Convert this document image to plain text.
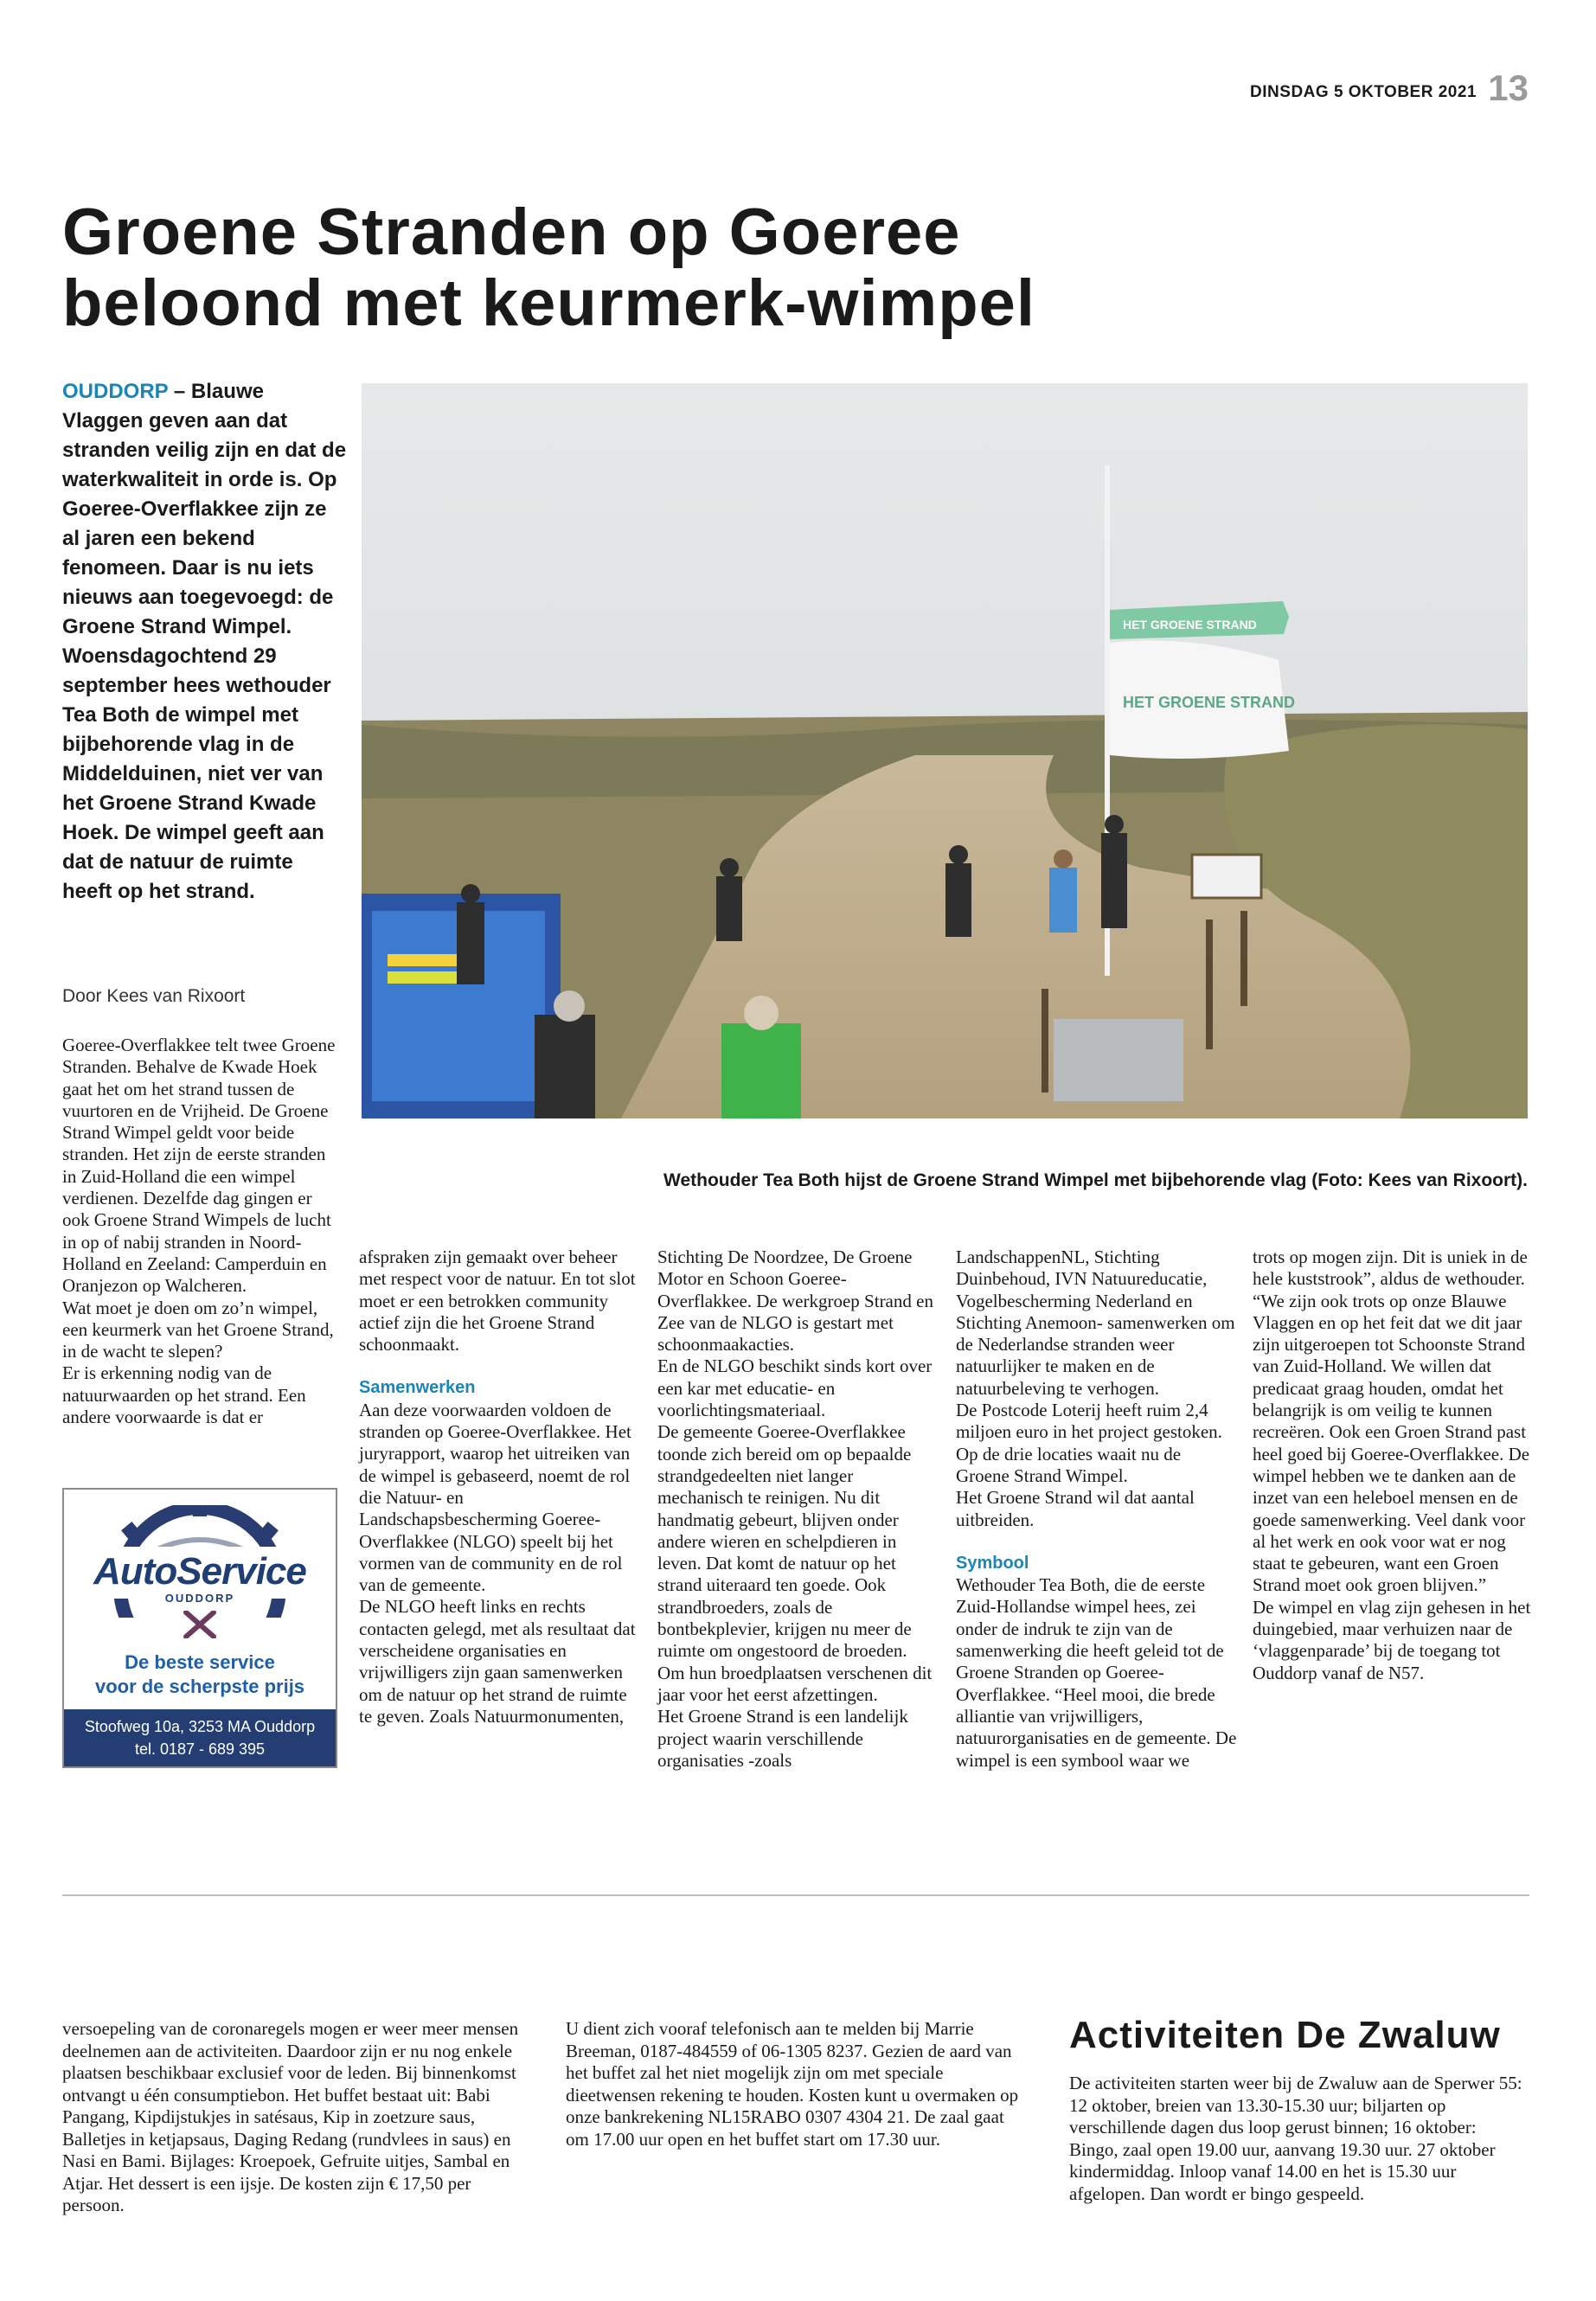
DINSDAG 5 OKTOBER 2021 13
Groene Stranden op Goeree
beloond met keurmerk-wimpel
OUDDORP – Blauwe Vlaggen geven aan dat stranden veilig zijn en dat de waterkwaliteit in orde is. Op Goeree-Overflakkee zijn ze al jaren een bekend fenomeen. Daar is nu iets nieuws aan toegevoegd: de Groene Strand Wimpel. Woensdagochtend 29 september hees wethouder Tea Both de wimpel met bijbehorende vlag in de Middelduinen, niet ver van het Groene Strand Kwade Hoek. De wimpel geeft aan dat de natuur de ruimte heeft op het strand.
Door Kees van Rixoort

Goeree-Overflakkee telt twee Groene Stranden. Behalve de Kwade Hoek gaat het om het strand tussen de vuurtoren en de Vrijheid. De Groene Strand Wimpel geldt voor beide stranden. Het zijn de eerste stranden in Zuid-Holland die een wimpel verdienen. Dezelfde dag gingen er ook Groene Strand Wimpels de lucht in op of nabij stranden in Noord-Holland en Zeeland: Camperduin en Oranjezon op Walcheren.

Wat moet je doen om zo’n wimpel, een keurmerk van het Groene Strand, in de wacht te slepen?

Er is erkenning nodig van de natuurwaarden op het strand. Een andere voorwaarde is dat er

HET GROENE STRAND
HET GROENE STRAND
Wethouder Tea Both hijst de Groene Strand Wimpel met bijbehorende vlag (Foto: Kees van Rixoort).

afspraken zijn gemaakt over beheer met respect voor de natuur. En tot slot moet er een betrokken community actief zijn die het Groene Strand schoonmaakt.

Samenwerken

Aan deze voorwaarden voldoen de stranden op Goeree-Overflakkee. Het juryrapport, waarop het uitreiken van de wimpel is gebaseerd, noemt de rol die Natuur- en Landschapsbescherming Goeree-Overflakkee (NLGO) speelt bij het vormen van de community en de rol van de gemeente.

De NLGO heeft links en rechts contacten gelegd, met als resultaat dat verscheidene organisaties en vrijwilligers zijn gaan samenwerken om de natuur op het strand de ruimte te geven. Zoals Natuurmonumenten,

Stichting De Noordzee, De Groene Motor en Schoon Goeree-Overflakkee. De werkgroep Strand en Zee van de NLGO is gestart met schoonmaakacties.

En de NLGO beschikt sinds kort over een kar met educatie- en voorlichtingsmateriaal.

De gemeente Goeree-Overflakkee toonde zich bereid om op bepaalde strandgedeelten niet langer mechanisch te reinigen. Nu dit handmatig gebeurt, blijven onder andere wieren en schelpdieren in leven. Dat komt de natuur op het strand uiteraard ten goede. Ook strandbroeders, zoals de bontbekplevier, krijgen nu meer de ruimte om ongestoord de broeden. Om hun broedplaatsen verschenen dit jaar voor het eerst afzettingen.

Het Groene Strand is een landelijk project waarin verschillende organisaties -zoals

LandschappenNL, Stichting Duinbehoud, IVN Natuureducatie, Vogelbescherming Nederland en Stichting Anemoon- samenwerken om de Nederlandse stranden weer natuurlijker te maken en de natuurbeleving te verhogen.

De Postcode Loterij heeft ruim 2,4 miljoen euro in het project gestoken. Op de drie locaties waait nu de Groene Strand Wimpel.

Het Groene Strand wil dat aantal uitbreiden.

Symbool

Wethouder Tea Both, die de eerste Zuid-Hollandse wimpel hees, zei onder de indruk te zijn van de samenwerking die heeft geleid tot de Groene Stranden op Goeree-Overflakkee. “Heel mooi, die brede alliantie van vrijwilligers, natuurorganisaties en de gemeente. De wimpel is een symbool waar we

trots op mogen zijn. Dit is uniek in de hele kuststrook”, aldus de wethouder.

“We zijn ook trots op onze Blauwe Vlaggen en op het feit dat we dit jaar zijn uitgeroepen tot Schoonste Strand van Zuid-Holland. We willen dat predicaat graag houden, omdat het belangrijk is om veilig te kunnen recreëren. Ook een Groen Strand past heel goed bij Goeree-Overflakkee. De wimpel hebben we te danken aan de inzet van een heleboel mensen en de goede samenwerking. Veel dank voor al het werk en ook voor wat er nog staat te gebeuren, want een Groen Strand moet ook groen blijven.”

De wimpel en vlag zijn gehesen in het duingebied, maar verhuizen naar de ‘vlaggenparade’ bij de toegang tot Ouddorp vanaf de N57.

AutoService
OUDDORP
De beste service
voor de scherpste prijs
Stoofweg 10a, 3253 MA Ouddorp
tel. 0187 - 689 395
versoepeling van de coronaregels mogen er weer meer mensen deelnemen aan de activiteiten. Daardoor zijn er nu nog enkele plaatsen beschikbaar exclusief voor de leden. Bij binnenkomst ontvangt u één consumptiebon. Het buffet bestaat uit: Babi Pangang, Kipdijstukjes in satésaus, Kip in zoetzure saus, Balletjes in ketjapsaus, Daging Redang (rundvlees in saus) en Nasi en Bami. Bijlages: Kroepoek, Gefruite uitjes, Sambal en Atjar. Het dessert is een ijsje. De kosten zijn € 17,50 per persoon.
U dient zich vooraf telefonisch aan te melden bij Marrie Breeman, 0187-484559 of 06-1305 8237. Gezien de aard van het buffet zal het niet mogelijk zijn om met speciale dieetwensen rekening te houden. Kosten kunt u overmaken op onze bankrekening NL15RABO 0307 4304 21. De zaal gaat om 17.00 uur open en het buffet start om 17.30 uur.
Activiteiten De Zwaluw
De activiteiten starten weer bij de Zwaluw aan de Sperwer 55: 12 oktober, breien van 13.30-15.30 uur; biljarten op verschillende dagen dus loop gerust binnen; 16 oktober: Bingo, zaal open 19.00 uur, aanvang 19.30 uur. 27 oktober kindermiddag. Inloop vanaf 14.00 en het is 15.30 uur afgelopen. Dan wordt er bingo gespeeld.
